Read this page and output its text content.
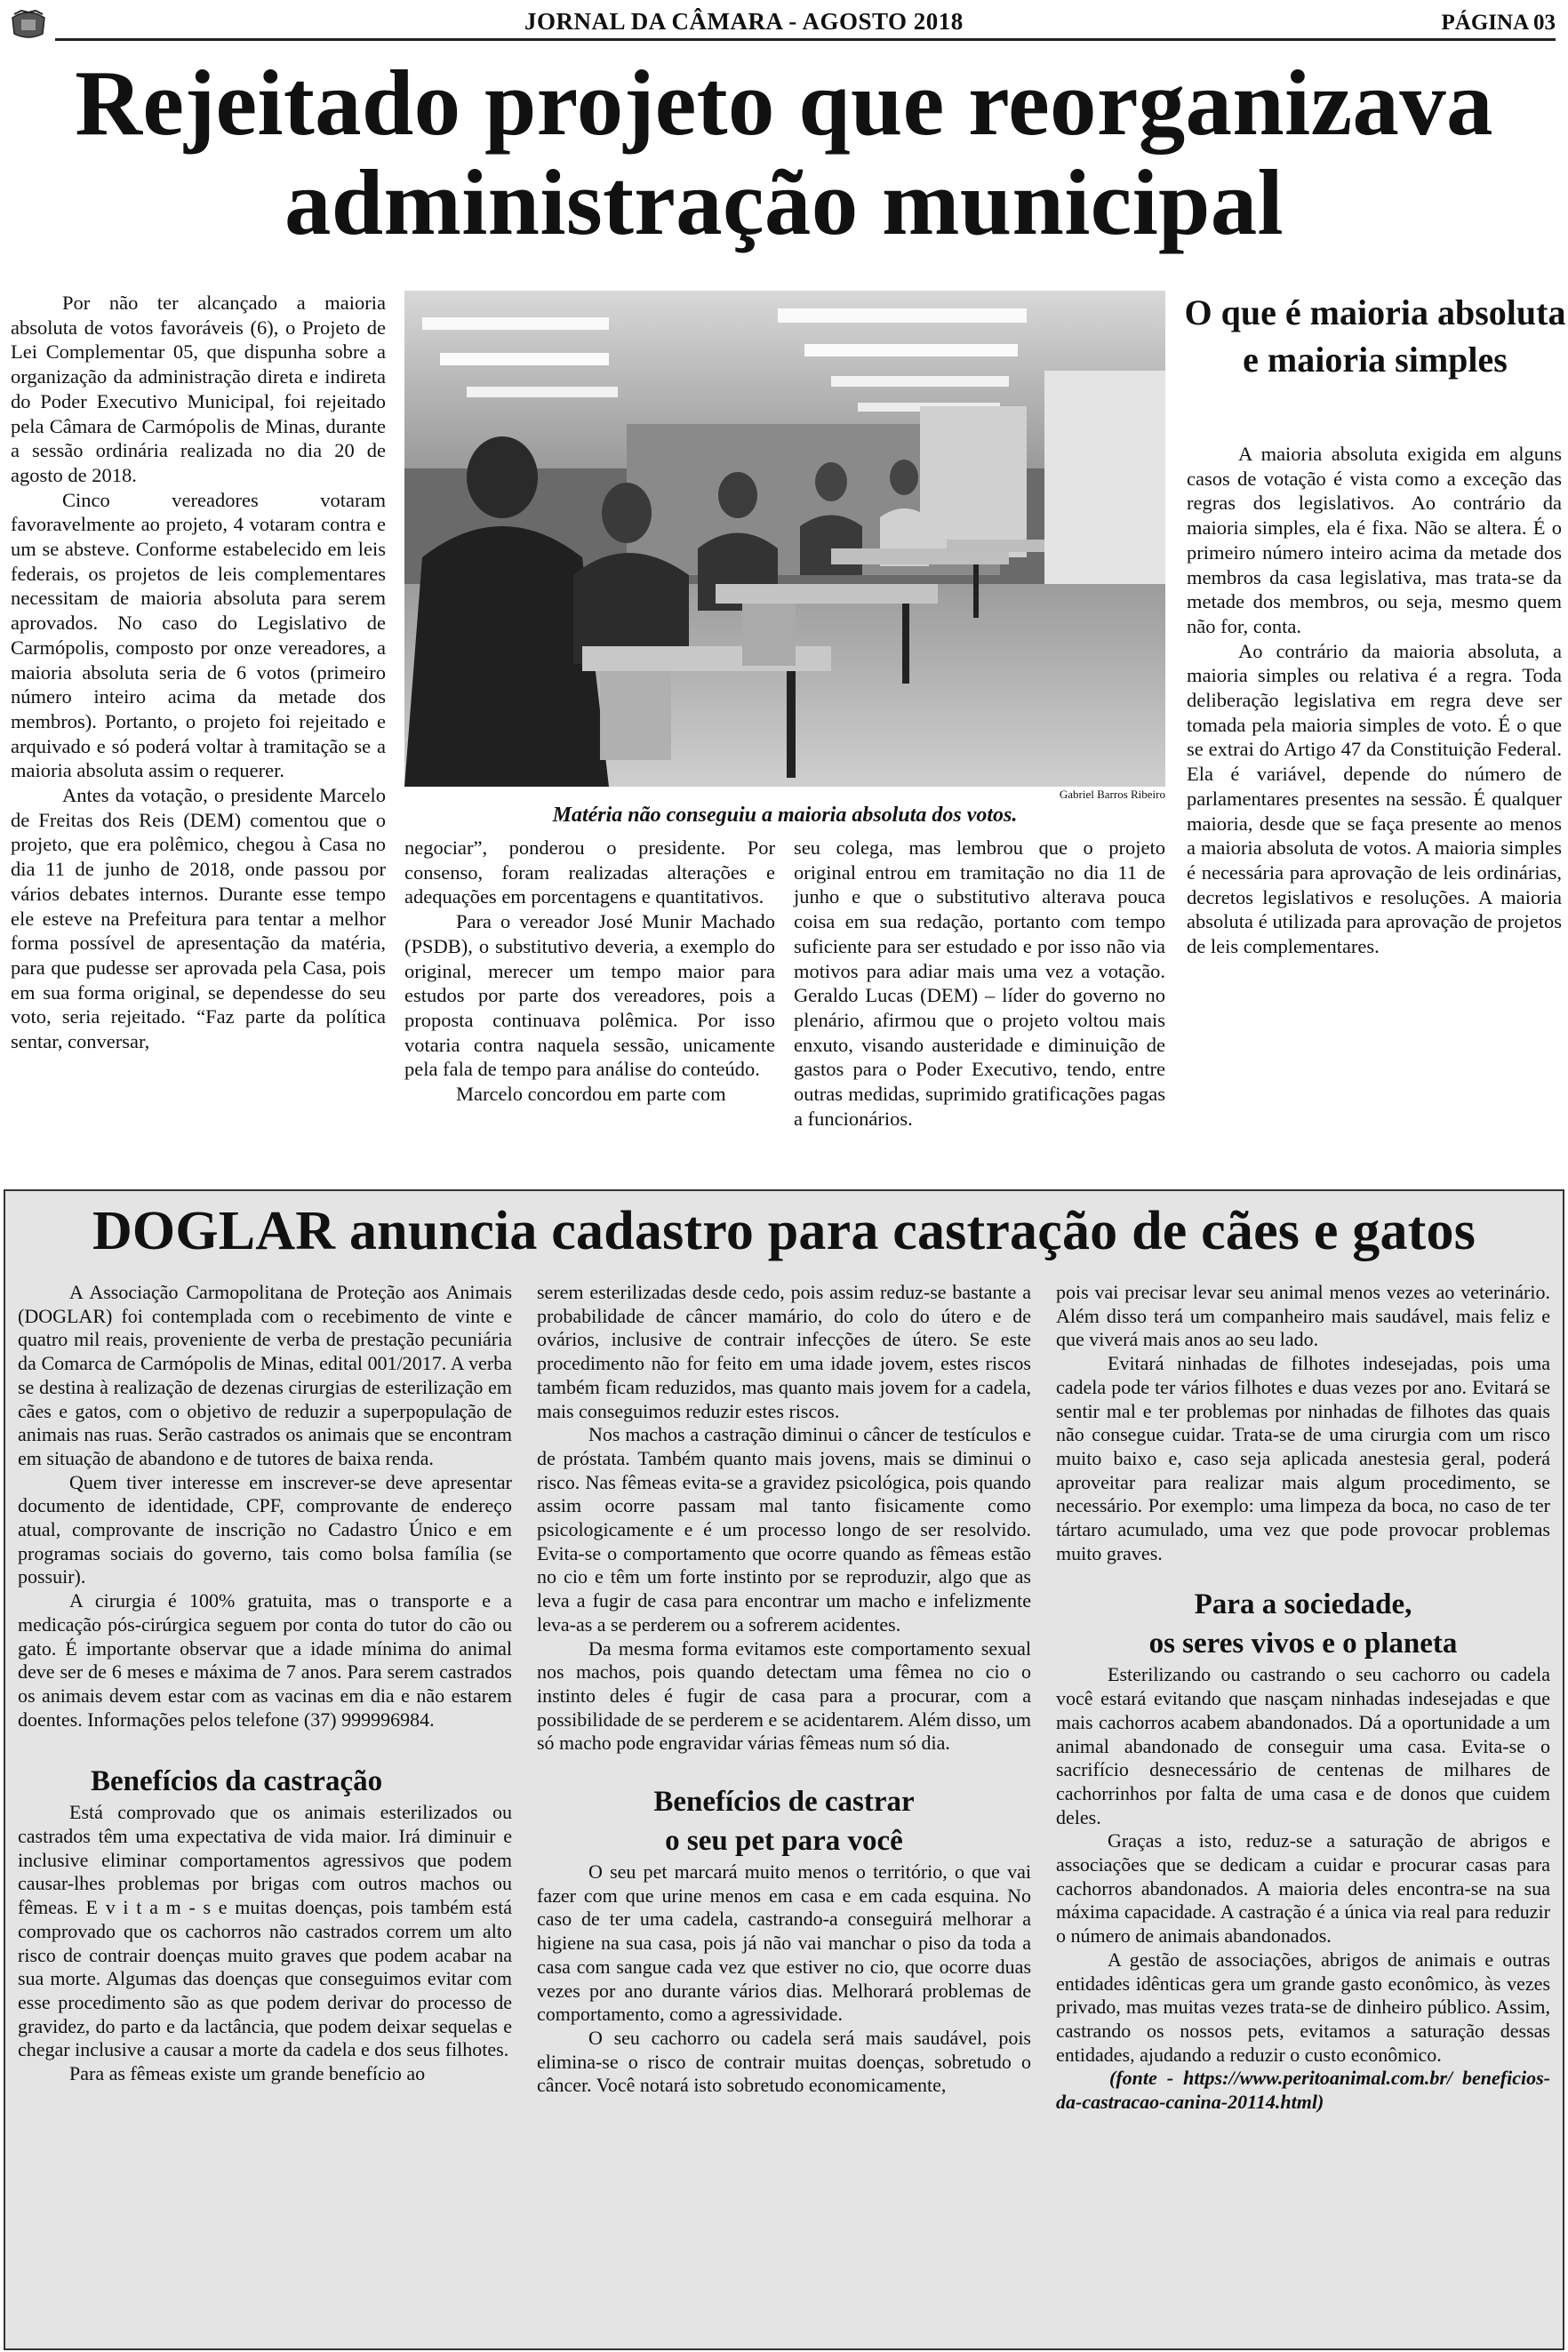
JORNAL DA CÂMARA - AGOSTO 2018	PÁGINA 03
Rejeitado projeto que reorganizava
administração municipal

Por não ter alcançado a maioria absoluta de votos favoráveis (6), o Projeto de Lei Complementar 05, que dispunha sobre a organização da administração direta e indireta do Poder Executivo Municipal, foi rejeitado pela Câmara de Carmópolis de Minas, durante a sessão ordinária realizada no dia 20 de agosto de 2018.

Cinco vereadores votaram favoravelmente ao projeto, 4 votaram contra e um se absteve. Conforme estabelecido em leis federais, os projetos de leis complementares necessitam de maioria absoluta para serem aprovados. No caso do Legislativo de Carmópolis, composto por onze vereadores, a maioria absoluta seria de 6 votos (primeiro número inteiro acima da metade dos membros). Portanto, o projeto foi rejeitado e arquivado e só poderá voltar à tramitação se a maioria absoluta assim o requerer.

Antes da votação, o presidente Marcelo de Freitas dos Reis (DEM) comentou que o projeto, que era polêmico, chegou à Casa no dia 11 de junho de 2018, onde passou por vários debates internos. Durante esse tempo ele esteve na Prefeitura para tentar a melhor forma possível de apresentação da matéria, para que pudesse ser aprovada pela Casa, pois em sua forma original, se dependesse do seu voto, seria rejeitado. “Faz parte da política sentar, conversar,

Gabriel Barros Ribeiro
Matéria não conseguiu a maioria absoluta dos votos.

negociar”, ponderou o presidente. Por consenso, foram realizadas alterações e adequações em porcentagens e quantitativos.

Para o vereador José Munir Machado (PSDB), o substitutivo deveria, a exemplo do original, merecer um tempo maior para estudos por parte dos vereadores, pois a proposta continuava polêmica. Por isso votaria contra naquela sessão, unicamente pela fala de tempo para análise do conteúdo.

Marcelo concordou em parte com

seu colega, mas lembrou que o projeto original entrou em tramitação no dia 11 de junho e que o substitutivo alterava pouca coisa em sua redação, portanto com tempo suficiente para ser estudado e por isso não via motivos para adiar mais uma vez a votação. Geraldo Lucas (DEM) – líder do governo no plenário, afirmou que o projeto voltou mais enxuto, visando austeridade e diminuição de gastos para o Poder Executivo, tendo, entre outras medidas, suprimido gratificações pagas a funcionários.

O que é maioria absoluta e maioria simples

A maioria absoluta exigida em alguns casos de votação é vista como a exceção das regras dos legislativos. Ao contrário da maioria simples, ela é fixa. Não se altera. É o primeiro número inteiro acima da metade dos membros da casa legislativa, mas trata-se da metade dos membros, ou seja, mesmo quem não for, conta.

Ao contrário da maioria absoluta, a maioria simples ou relativa é a regra. Toda deliberação legislativa em regra deve ser tomada pela maioria simples de voto. É o que se extrai do Artigo 47 da Constituição Federal. Ela é variável, depende do número de parlamentares presentes na sessão. É qualquer maioria, desde que se faça presente ao menos a maioria absoluta de votos. A maioria simples é necessária para aprovação de leis ordinárias, decretos legislativos e resoluções. A maioria absoluta é utilizada para aprovação de projetos de leis complementares.

DOGLAR anuncia cadastro para castração de cães e gatos

A Associação Carmopolitana de Proteção aos Animais (DOGLAR) foi contemplada com o recebimento de vinte e quatro mil reais, proveniente de verba de prestação pecuniária da Comarca de Carmópolis de Minas, edital 001/2017. A verba se destina à realização de dezenas cirurgias de esterilização em cães e gatos, com o objetivo de reduzir a superpopulação de animais nas ruas. Serão castrados os animais que se encontram em situação de abandono e de tutores de baixa renda.

Quem tiver interesse em inscrever-se deve apresentar documento de identidade, CPF, comprovante de endereço atual, comprovante de inscrição no Cadastro Único e em programas sociais do governo, tais como bolsa família (se possuir).

A cirurgia é 100% gratuita, mas o transporte e a medicação pós-cirúrgica seguem por conta do tutor do cão ou gato. É importante observar que a idade mínima do animal deve ser de 6 meses e máxima de 7 anos. Para serem castrados os animais devem estar com as vacinas em dia e não estarem doentes. Informações pelos telefone (37) 999996984.

Benefícios da castração

Está comprovado que os animais esterilizados ou castrados têm uma expectativa de vida maior. Irá diminuir e inclusive eliminar comportamentos agressivos que podem causar-lhes problemas por brigas com outros machos ou fêmeas. E v i t a m - s e muitas doenças, pois também está comprovado que os cachorros não castrados correm um alto risco de contrair doenças muito graves que podem acabar na sua morte. Algumas das doenças que conseguimos evitar com esse procedimento são as que podem derivar do processo de gravidez, do parto e da lactância, que podem deixar sequelas e chegar inclusive a causar a morte da cadela e dos seus filhotes.

Para as fêmeas existe um grande benefício ao

serem esterilizadas desde cedo, pois assim reduz-se bastante a probabilidade de câncer mamário, do colo do útero e de ovários, inclusive de contrair infecções de útero. Se este procedimento não for feito em uma idade jovem, estes riscos também ficam reduzidos, mas quanto mais jovem for a cadela, mais conseguimos reduzir estes riscos.

Nos machos a castração diminui o câncer de testículos e de próstata. Também quanto mais jovens, mais se diminui o risco. Nas fêmeas evita-se a gravidez psicológica, pois quando assim ocorre passam mal tanto fisicamente como psicologicamente e é um processo longo de ser resolvido. Evita-se o comportamento que ocorre quando as fêmeas estão no cio e têm um forte instinto por se reproduzir, algo que as leva a fugir de casa para encontrar um macho e infelizmente leva-as a se perderem ou a sofrerem acidentes.

Da mesma forma evitamos este comportamento sexual nos machos, pois quando detectam uma fêmea no cio o instinto deles é fugir de casa para a procurar, com a possibilidade de se perderem e se acidentarem. Além disso, um só macho pode engravidar várias fêmeas num só dia.

Benefícios de castrar
o seu pet para você

O seu pet marcará muito menos o território, o que vai fazer com que urine menos em casa e em cada esquina. No caso de ter uma cadela, castrando-a conseguirá melhorar a higiene na sua casa, pois já não vai manchar o piso da toda a casa com sangue cada vez que estiver no cio, que ocorre duas vezes por ano durante vários dias. Melhorará problemas de comportamento, como a agressividade.

O seu cachorro ou cadela será mais saudável, pois elimina-se o risco de contrair muitas doenças, sobretudo o câncer. Você notará isto sobretudo economicamente,

pois vai precisar levar seu animal menos vezes ao veterinário. Além disso terá um companheiro mais saudável, mais feliz e que viverá mais anos ao seu lado.

Evitará ninhadas de filhotes indesejadas, pois uma cadela pode ter vários filhotes e duas vezes por ano. Evitará se sentir mal e ter problemas por ninhadas de filhotes das quais não consegue cuidar. Trata-se de uma cirurgia com um risco muito baixo e, caso seja aplicada anestesia geral, poderá aproveitar para realizar mais algum procedimento, se necessário. Por exemplo: uma limpeza da boca, no caso de ter tártaro acumulado, uma vez que pode provocar problemas muito graves.

Para a sociedade,
os seres vivos e o planeta

Esterilizando ou castrando o seu cachorro ou cadela você estará evitando que nasçam ninhadas indesejadas e que mais cachorros acabem abandonados. Dá a oportunidade a um animal abandonado de conseguir uma casa. Evita-se o sacrifício desnecessário de centenas de milhares de cachorrinhos por falta de uma casa e de donos que cuidem deles.

Graças a isto, reduz-se a saturação de abrigos e associações que se dedicam a cuidar e procurar casas para cachorros abandonados. A maioria deles encontra-se na sua máxima capacidade. A castração é a única via real para reduzir o número de animais abandonados.

A gestão de associações, abrigos de animais e outras entidades idênticas gera um grande gasto econômico, às vezes privado, mas muitas vezes trata-se de dinheiro público. Assim, castrando os nossos pets, evitamos a saturação dessas entidades, ajudando a reduzir o custo econômico.

(fonte - https://www.peritoanimal.com.br/ beneficios-da-castracao-canina-20114.html)
